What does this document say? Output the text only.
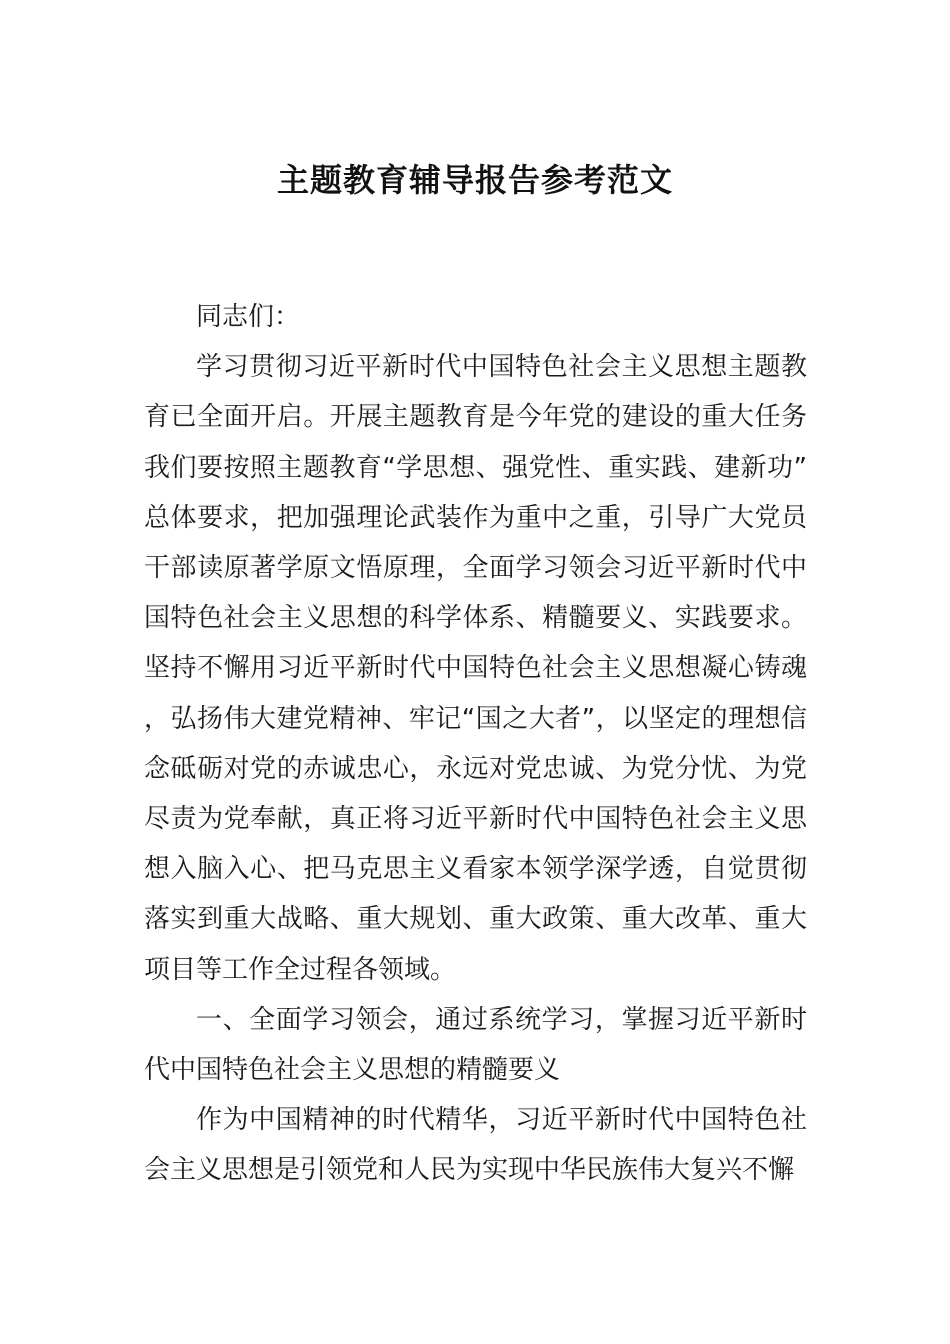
主题教育辅导报告参考范文

同志们：

学习贯彻习近平新时代中国特色社会主义思想主题教育已全面开启。开展主题教育是今年党的建设的重大任务我们要按照主题教育“学思想、强党性、重实践、建新功”总体要求，把加强理论武装作为重中之重，引导广大党员干部读原著学原文悟原理，全面学习领会习近平新时代中国特色社会主义思想的科学体系、精髓要义、实践要求。坚持不懈用习近平新时代中国特色社会主义思想凝心铸魂，弘扬伟大建党精神、牢记“国之大者”，以坚定的理想信念砥砺对党的赤诚忠心，永远对党忠诚、为党分忧、为党尽责为党奉献，真正将习近平新时代中国特色社会主义思想入脑入心、把马克思主义看家本领学深学透，自觉贯彻落实到重大战略、重大规划、重大政策、重大改革、重大项目等工作全过程各领域。

一、全面学习领会，通过系统学习，掌握习近平新时代中国特色社会主义思想的精髓要义

作为中国精神的时代精华，习近平新时代中国特色社会主义思想是引领党和人民为实现中华民族伟大复兴不懈
